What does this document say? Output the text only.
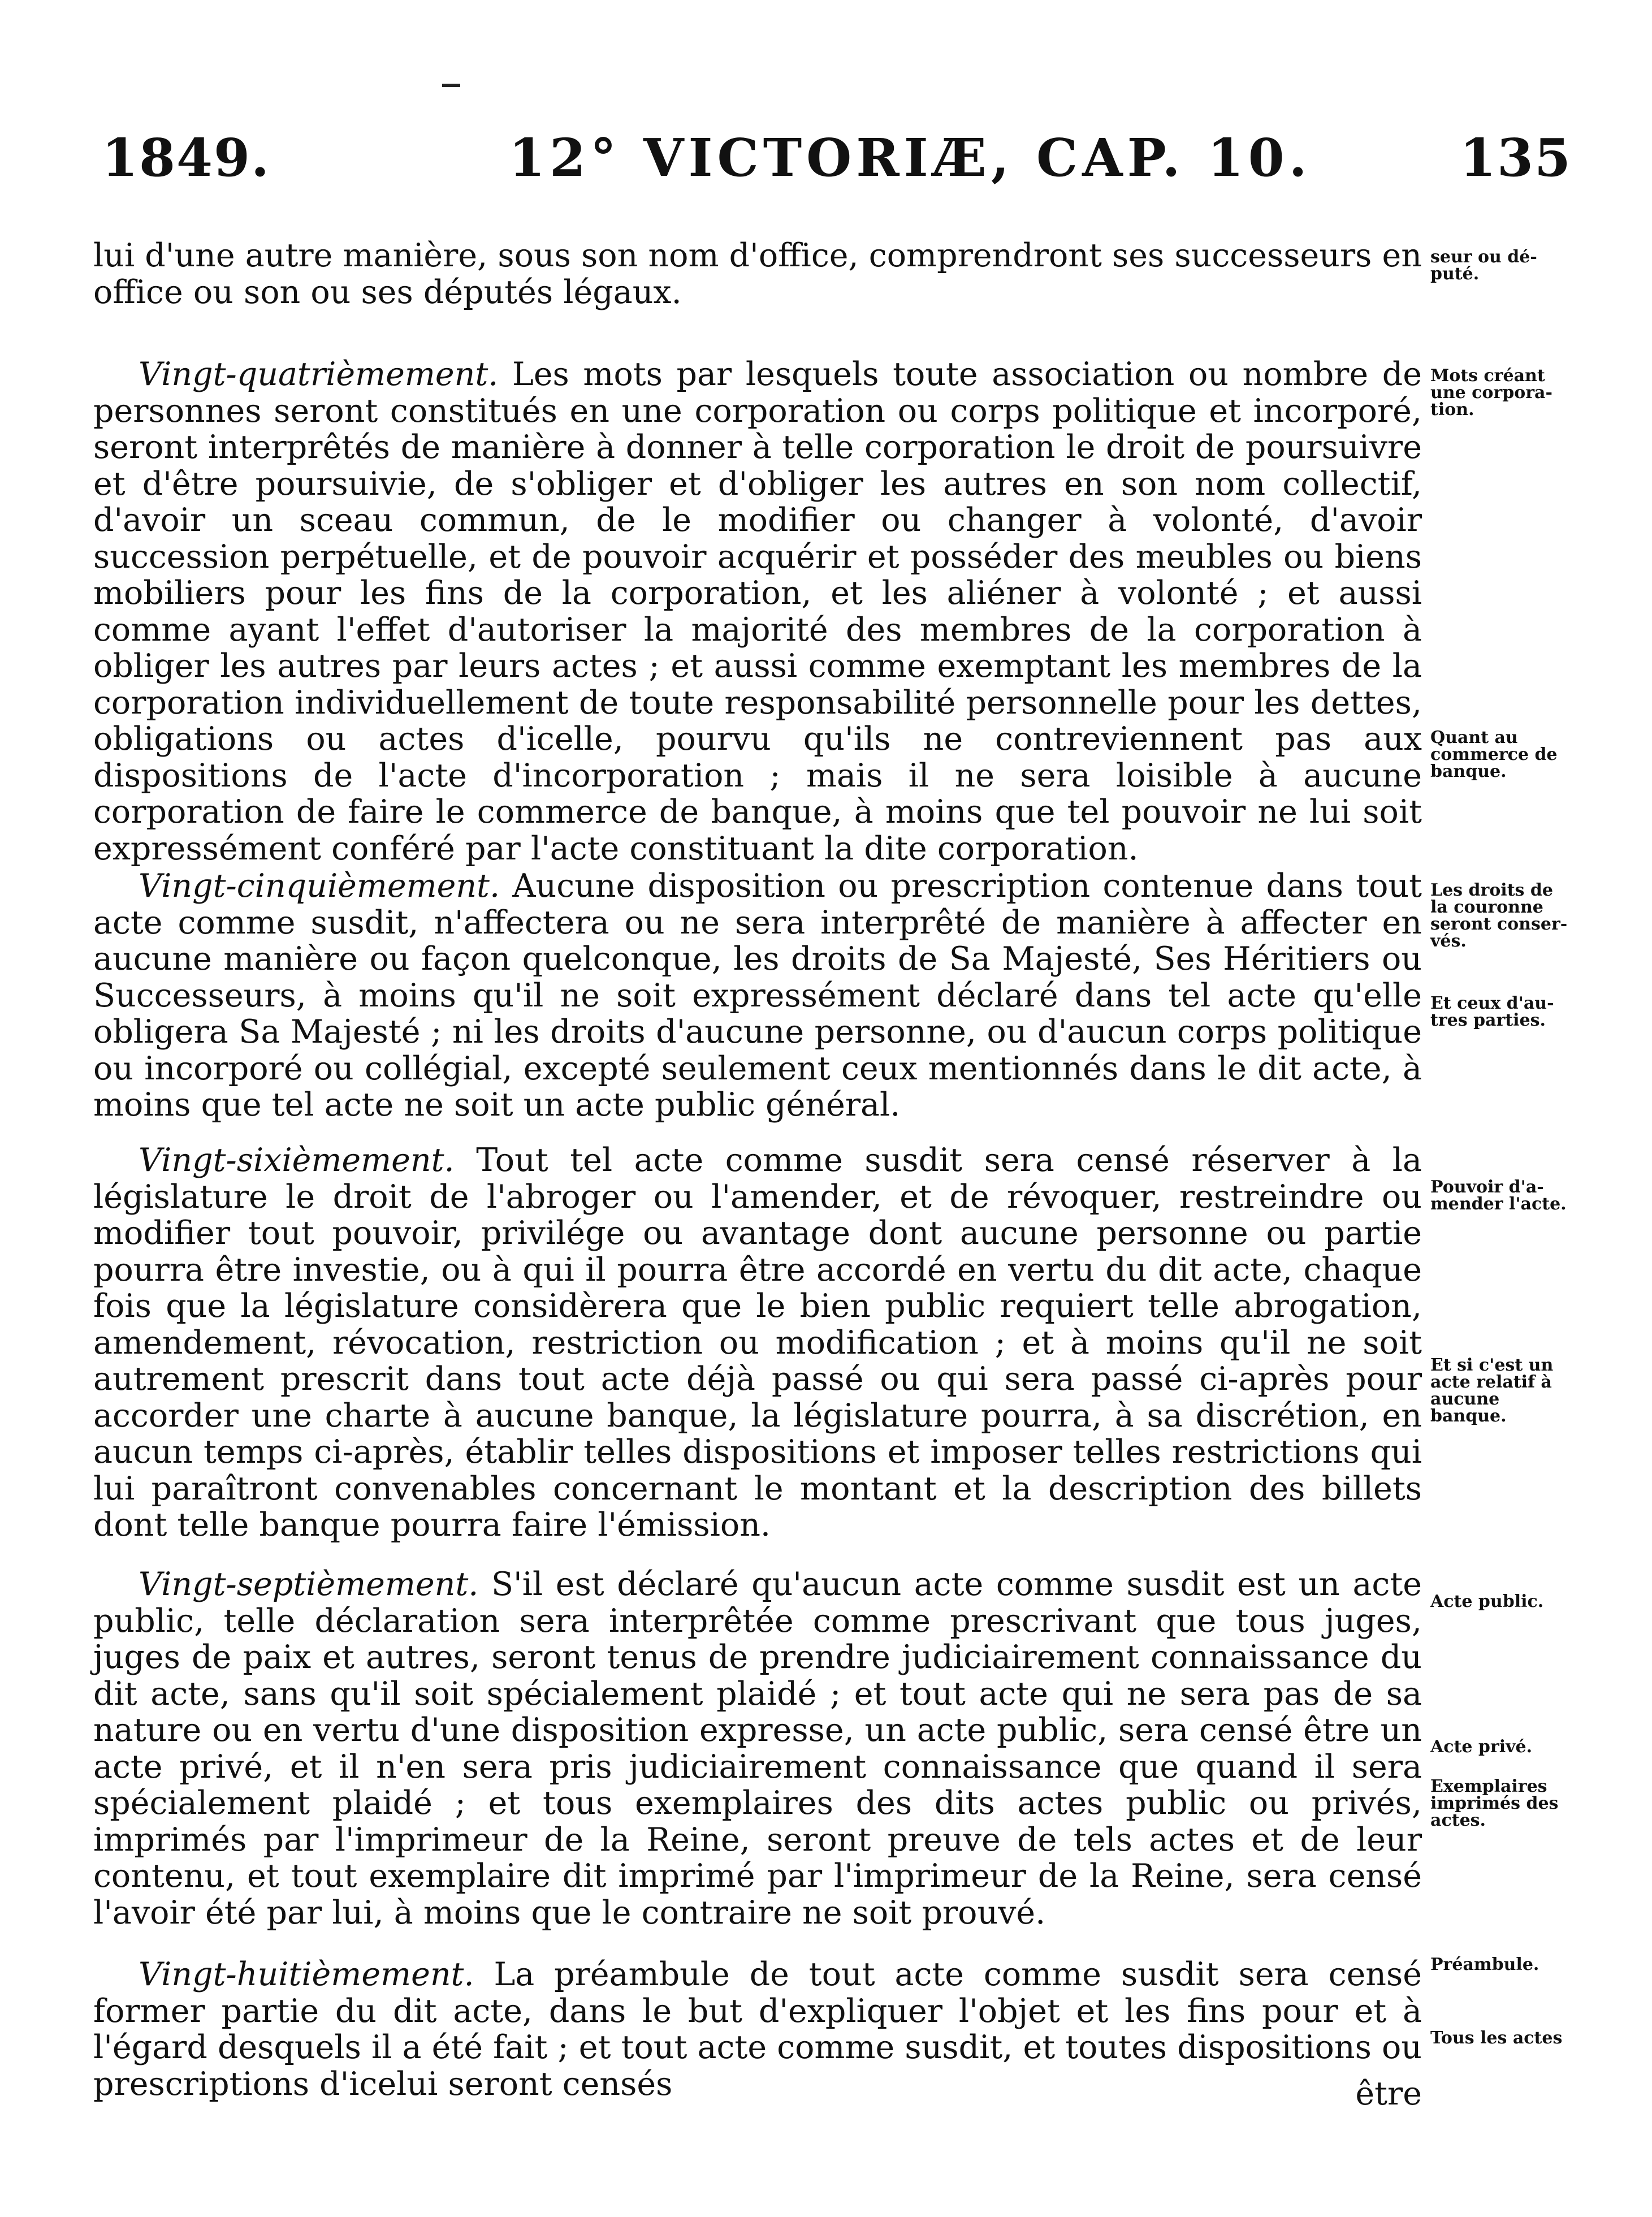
1849.	12° VICTORIÆ, CAP. 10.	135

lui d'une autre manière, sous son nom d'office, comprendront ses successeurs en office ou son ou ses députés légaux.

Vingt-quatrièmement. Les mots par lesquels toute association ou nombre de personnes seront constitués en une corporation ou corps politique et incorporé, seront interprêtés de manière à donner à telle corporation le droit de poursuivre et d'être poursuivie, de s'obliger et d'obliger les autres en son nom collectif, d'avoir un sceau commun, de le modifier ou changer à volonté, d'avoir succession perpétuelle, et de pouvoir acquérir et posséder des meubles ou biens mobiliers pour les fins de la corporation, et les aliéner à volonté ; et aussi comme ayant l'effet d'autoriser la majorité des membres de la corporation à obliger les autres par leurs actes ; et aussi comme exemptant les membres de la corporation individuellement de toute responsabilité personnelle pour les dettes, obligations ou actes d'icelle, pourvu qu'ils ne contreviennent pas aux dispositions de l'acte d'incorporation ; mais il ne sera loisible à aucune corporation de faire le commerce de banque, à moins que tel pouvoir ne lui soit expressément conféré par l'acte constituant la dite corporation.

Vingt-cinquièmement. Aucune disposition ou prescription contenue dans tout acte comme susdit, n'affectera ou ne sera interprêté de manière à affecter en aucune manière ou façon quelconque, les droits de Sa Majesté, Ses Héritiers ou Successeurs, à moins qu'il ne soit expressément déclaré dans tel acte qu'elle obligera Sa Majesté ; ni les droits d'aucune personne, ou d'aucun corps politique ou incorporé ou collégial, excepté seulement ceux mentionnés dans le dit acte, à moins que tel acte ne soit un acte public général.

Vingt-sixièmement. Tout tel acte comme susdit sera censé réserver à la législature le droit de l'abroger ou l'amender, et de révoquer, restreindre ou modifier tout pouvoir, privilége ou avantage dont aucune personne ou partie pourra être investie, ou à qui il pourra être accordé en vertu du dit acte, chaque fois que la législature considèrera que le bien public requiert telle abrogation, amendement, révocation, restriction ou modification ; et à moins qu'il ne soit autrement prescrit dans tout acte déjà passé ou qui sera passé ci-après pour accorder une charte à aucune banque, la législature pourra, à sa discrétion, en aucun temps ci-après, établir telles dispositions et imposer telles restrictions qui lui paraîtront convenables concernant le montant et la description des billets dont telle banque pourra faire l'émission.

Vingt-septièmement. S'il est déclaré qu'aucun acte comme susdit est un acte public, telle déclaration sera interprêtée comme prescrivant que tous juges, juges de paix et autres, seront tenus de prendre judiciairement connaissance du dit acte, sans qu'il soit spécialement plaidé ; et tout acte qui ne sera pas de sa nature ou en vertu d'une disposition expresse, un acte public, sera censé être un acte privé, et il n'en sera pris judiciairement connaissance que quand il sera spécialement plaidé ; et tous exemplaires des dits actes public ou privés, imprimés par l'imprimeur de la Reine, seront preuve de tels actes et de leur contenu, et tout exemplaire dit imprimé par l'imprimeur de la Reine, sera censé l'avoir été par lui, à moins que le contraire ne soit prouvé.

Vingt-huitièmement. La préambule de tout acte comme susdit sera censé former partie du dit acte, dans le but d'expliquer l'objet et les fins pour et à l'égard desquels il a été fait ; et tout acte comme susdit, et toutes dispositions ou prescriptions d'icelui seront censés	être
seur ou dé-
puté.
Mots créant
une corpora-
tion.
Quant au
commerce de
banque.
Les droits de
la couronne
seront conser-
vés.
Et ceux d'au-
tres parties.
Pouvoir d'a-
mender l'acte.
Et si c'est un
acte relatif à
aucune
banque.
Acte public.
Acte privé.
Exemplaires
imprimés des
actes.
Préambule.
Tous les actes
